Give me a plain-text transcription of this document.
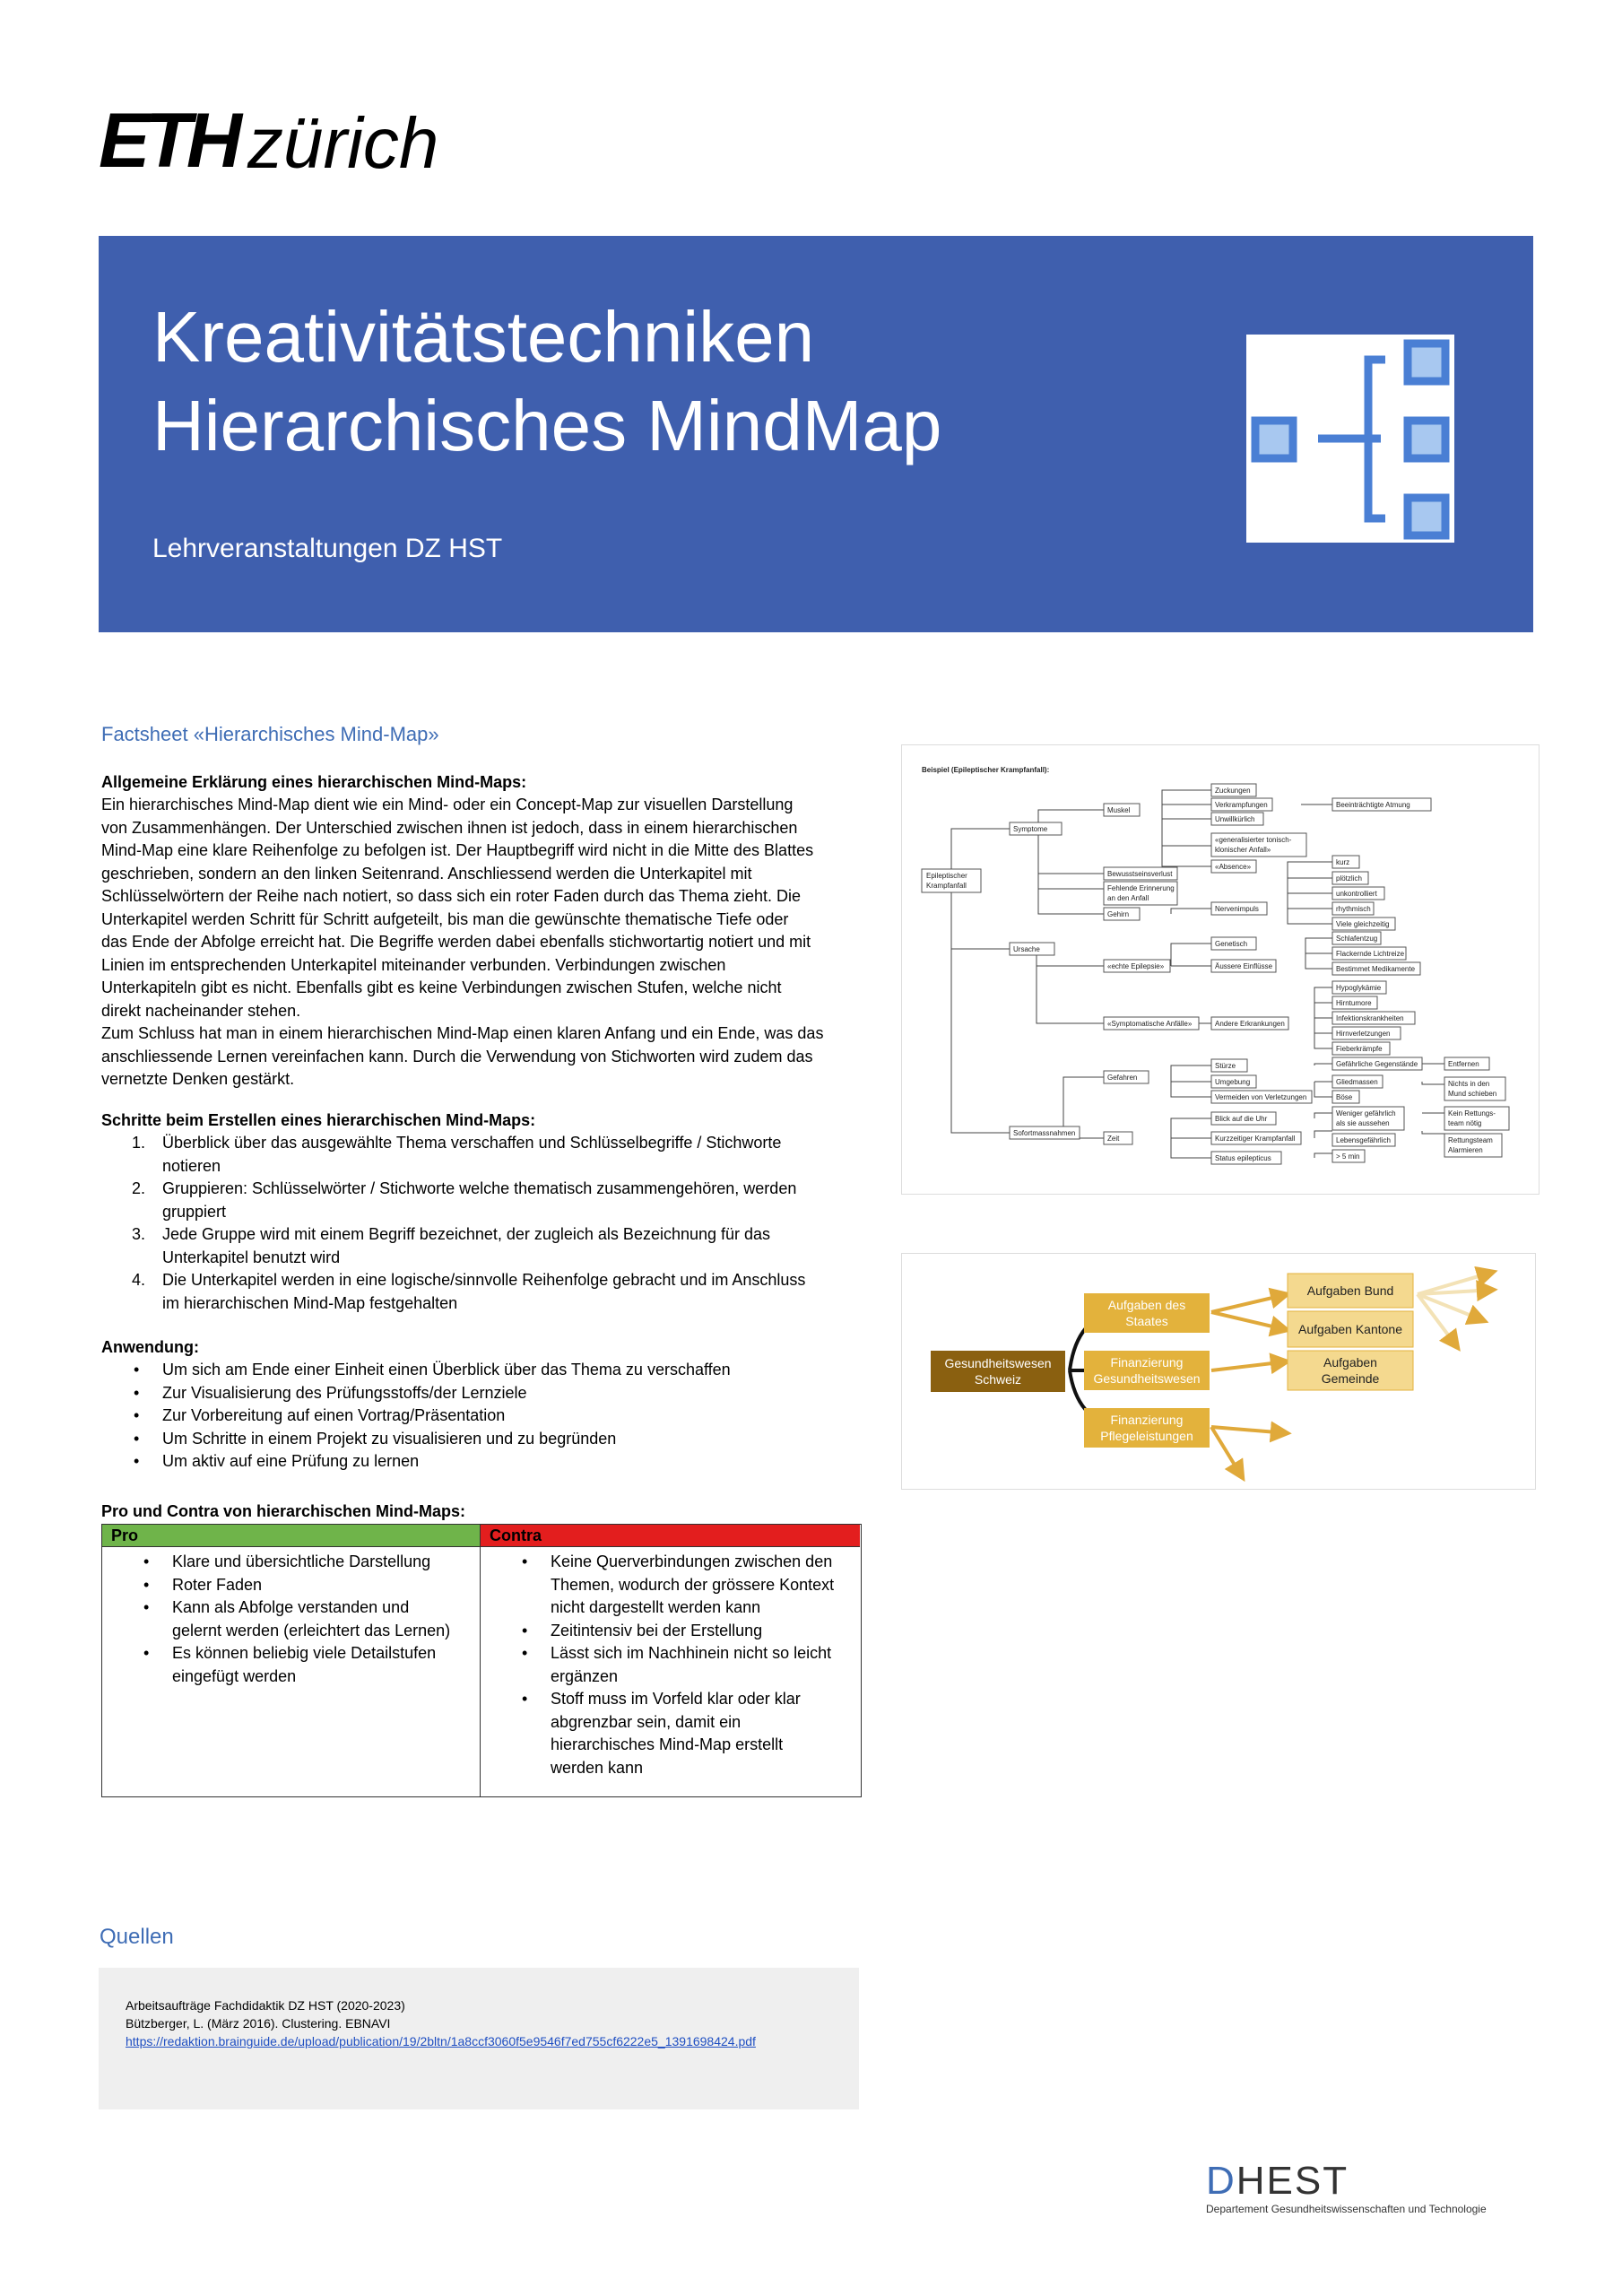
ETH zürich
Kreativitätstechniken
Hierarchisches MindMap
Lehrveranstaltungen DZ HST
Factsheet «Hierarchisches Mind-Map»
Allgemeine Erklärung eines hierarchischen Mind-Maps:
Ein hierarchisches Mind-Map dient wie ein Mind- oder ein Concept-Map zur visuellen Darstellung
von Zusammenhängen. Der Unterschied zwischen ihnen ist jedoch, dass in einem hierarchischen
Mind-Map eine klare Reihenfolge zu befolgen ist. Der Hauptbegriff wird nicht in die Mitte des Blattes
geschrieben, sondern an den linken Seitenrand. Anschliessend werden die Unterkapitel mit
Schlüsselwörtern der Reihe nach notiert, so dass sich ein roter Faden durch das Thema zieht. Die
Unterkapitel werden Schritt für Schritt aufgeteilt, bis man die gewünschte thematische Tiefe oder
das Ende der Abfolge erreicht hat. Die Begriffe werden dabei ebenfalls stichwortartig notiert und mit
Linien im entsprechenden Unterkapitel miteinander verbunden. Verbindungen zwischen
Unterkapiteln gibt es nicht. Ebenfalls gibt es keine Verbindungen zwischen Stufen, welche nicht
direkt nacheinander stehen.
Zum Schluss hat man in einem hierarchischen Mind-Map einen klaren Anfang und ein Ende, was das
anschliessende Lernen vereinfachen kann. Durch die Verwendung von Stichworten wird zudem das
vernetzte Denken gestärkt.
Schritte beim Erstellen eines hierarchischen Mind-Maps:
1. Überblick über das ausgewählte Thema verschaffen und Schlüsselbegriffe / Stichworte
notieren
2. Gruppieren: Schlüsselwörter / Stichworte welche thematisch zusammengehören, werden
gruppiert
3. Jede Gruppe wird mit einem Begriff bezeichnet, der zugleich als Bezeichnung für das
Unterkapitel benutzt wird
4. Die Unterkapitel werden in eine logische/sinnvolle Reihenfolge gebracht und im Anschluss
im hierarchischen Mind-Map festgehalten
Anwendung:
• Um sich am Ende einer Einheit einen Überblick über das Thema zu verschaffen
• Zur Visualisierung des Prüfungsstoffs/der Lernziele
• Zur Vorbereitung auf einen Vortrag/Präsentation
• Um Schritte in einem Projekt zu visualisieren und zu begründen
• Um aktiv auf eine Prüfung zu lernen
Pro und Contra von hierarchischen Mind-Maps:
Pro
• Klare und übersichtliche Darstellung
• Roter Faden
• Kann als Abfolge verstanden und
gelernt werden (erleichtert das Lernen)
• Es können beliebig viele Detailstufen
eingefügt werden
Contra
• Keine Querverbindungen zwischen den
Themen, wodurch der grössere Kontext
nicht dargestellt werden kann
• Zeitintensiv bei der Erstellung
• Lässt sich im Nachhinein nicht so leicht
ergänzen
• Stoff muss im Vorfeld klar oder klar
abgrenzbar sein, damit ein
hierarchisches Mind-Map erstellt
werden kann
Quellen
Arbeitsaufträge Fachdidaktik DZ HST (2020-2023)
Bützberger, L. (März 2016). Clustering. EBNAVI
https://redaktion.brainguide.de/upload/publication/19/2bltn/1a8ccf3060f5e9546f7ed755cf6222e5_1391698424.pdf
Beispiel (Epileptischer Krampfanfall):
Epileptischer
Krampfanfall
Symptome
Ursache
Sofortmassnahmen
Muskel
Bewusstseinsverlust
Fehlende Erinnerung
an den Anfall
Gehirn
«echte Epilepsie»
«Symptomatische Anfälle»
Gefahren
Zeit
Zuckungen
Verkrampfungen
Unwillkürlich
«generalisierter tonisch-
klonischer Anfall»
«Absence»
Nervenimpuls
Genetisch
Äussere Einflüsse
Andere Erkrankungen
Stürze
Umgebung
Vermeiden von Verletzungen
Blick auf die Uhr
Kurzzeitiger Krampfanfall
Status epilepticus
Beeinträchtigte Atmung
kurz
plötzlich
unkontrolliert
rhythmisch
Viele gleichzeitig
Schlafentzug
Flackernde Lichtreize
Bestimmet Medikamente
Hypoglykämie
Hirntumore
Infektionskrankheiten
Hirnverletzungen
Fieberkrämpfe
Gefährliche Gegenstände
Gliedmassen
Böse
Weniger gefährlich
als sie aussehen
Lebensgefährlich
> 5 min
Entfernen
Nichts in den
Mund schieben
Kein Rettungs-
team nötig
Rettungsteam
Alarmieren
Gesundheitswesen
Schweiz
Aufgaben des
Staates
Finanzierung
Gesundheitswesen
Finanzierung
Pflegeleistungen
Aufgaben Bund
Aufgaben Kantone
Aufgaben
Gemeinde
DHEST
Departement Gesundheitswissenschaften und Technologie
